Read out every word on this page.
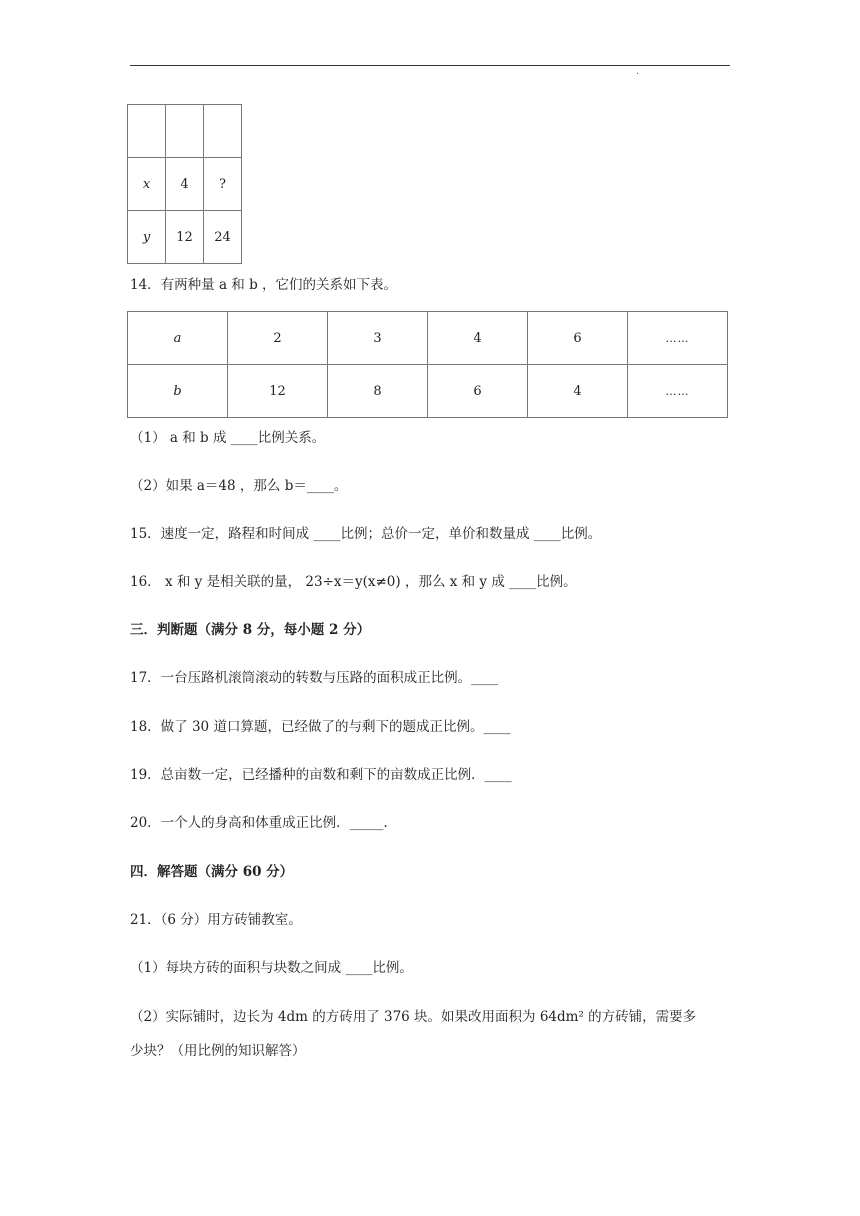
.

x	4	?
y	12	24
14．有两种量 a 和 b ，它们的关系如下表。
a	2	3	4	6	……
b	12	8	6	4	……
（1） a 和 b 成 ____比例关系。
（2）如果 a＝48 ，那么 b＝____。
15．速度一定，路程和时间成 ____比例；总价一定，单价和数量成 ____比例。
16． x 和 y 是相关联的量， 23÷x＝y(x≠0) ，那么 x 和 y 成 ____比例。
三．判断题（满分 8 分，每小题 2 分）
17．一台压路机滚筒滚动的转数与压路的面积成正比例。____
18．做了 30 道口算题，已经做了的与剩下的题成正比例。____
19．总亩数一定，已经播种的亩数和剩下的亩数成正比例．____
20．一个人的身高和体重成正比例．_____.
四．解答题（满分 60 分）
21．（6 分）用方砖铺教室。
（1）每块方砖的面积与块数之间成 ____比例。
（2）实际铺时，边长为 4dm 的方砖用了 376 块。如果改用面积为 64dm² 的方砖铺，需要多
少块？（用比例的知识解答）
